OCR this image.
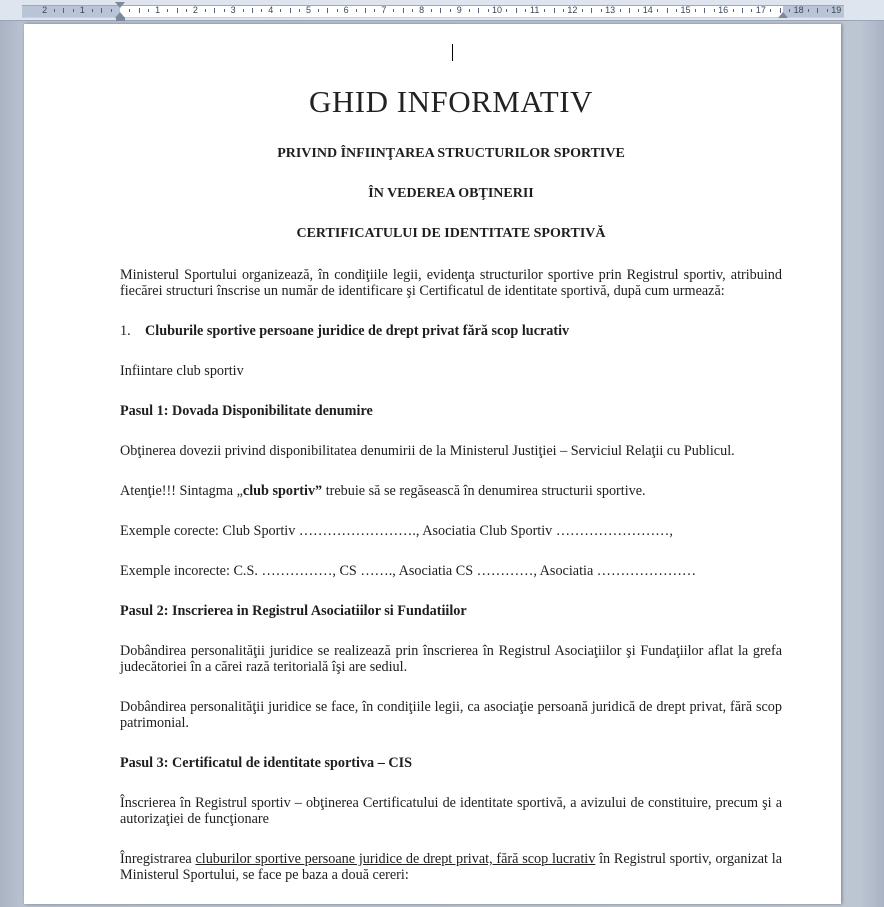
2	1	1	2	3	4	5	6	7	8	9	10	11	12	13	14	15	16	17	18	19
GHID INFORMATIV
PRIVIND ÎNFIINŢAREA STRUCTURILOR SPORTIVE
ÎN VEDEREA OBŢINERII
CERTIFICATULUI DE IDENTITATE SPORTIVĂ
Ministerul Sportului organizează, în condiţiile legii, evidenţa structurilor sportive prin Registrul sportiv, atribuind fiecărei structuri înscrise un număr de identificare şi Certificatul de identitate sportivă, după cum urmează:
1. Cluburile sportive persoane juridice de drept privat fără scop lucrativ
Infiintare club sportiv
Pasul 1: Dovada Disponibilitate denumire
Obţinerea dovezii privind disponibilitatea denumirii de la Ministerul Justiţiei – Serviciul Relaţii cu Publicul.
Atenţie!!! Sintagma „club sportiv” trebuie să se regăsească în denumirea structurii sportive.
Exemple corecte: Club Sportiv ……………………., Asociatia Club Sportiv ……………………,
Exemple incorecte: C.S. ……………, CS ……., Asociatia CS …………, Asociatia …………………
Pasul 2: Inscrierea in Registrul Asociatiilor si Fundatiilor
Dobândirea personalităţii juridice se realizează prin înscrierea în Registrul Asociaţiilor şi Fundaţiilor aflat la grefa judecătoriei în a cărei rază teritorială îşi are sediul.
Dobândirea personalităţii juridice se face, în condiţiile legii, ca asociaţie persoană juridică de drept privat, fără scop patrimonial.
Pasul 3: Certificatul de identitate sportiva – CIS
Înscrierea în Registrul sportiv – obţinerea Certificatului de identitate sportivă, a avizului de constituire, precum şi a autorizaţiei de funcţionare
Înregistrarea cluburilor sportive persoane juridice de drept privat, fără scop lucrativ în Registrul sportiv, organizat la Ministerul Sportului, se face pe baza a două cereri:
